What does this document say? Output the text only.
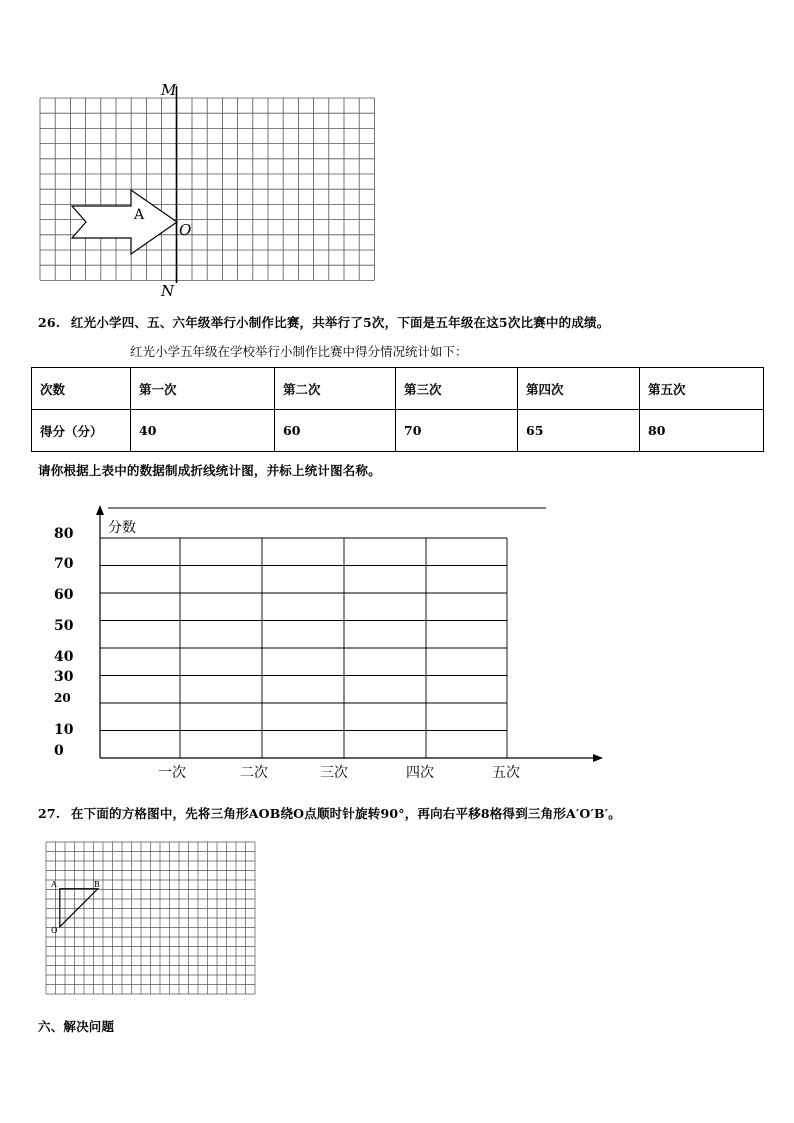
M
N
O
A
26. 红光小学四、五、六年级举行小制作比赛，共举行了5次，下面是五年级在这5次比赛中的成绩。
红光小学五年级在学校举行小制作比赛中得分情况统计如下：
次数	第一次	第二次	第三次	第四次	第五次
得分（分）	40	60	70	65	80
请你根据上表中的数据制成折线统计图，并标上统计图名称。
分数
80
70
60
50
40
30
20
10
0
一次	二次	三次	四次	五次
27. 在下面的方格图中，先将三角形AOB绕O点顺时针旋转90°，再向右平移8格得到三角形A′O′B′。
A	B
O
六、解决问题
